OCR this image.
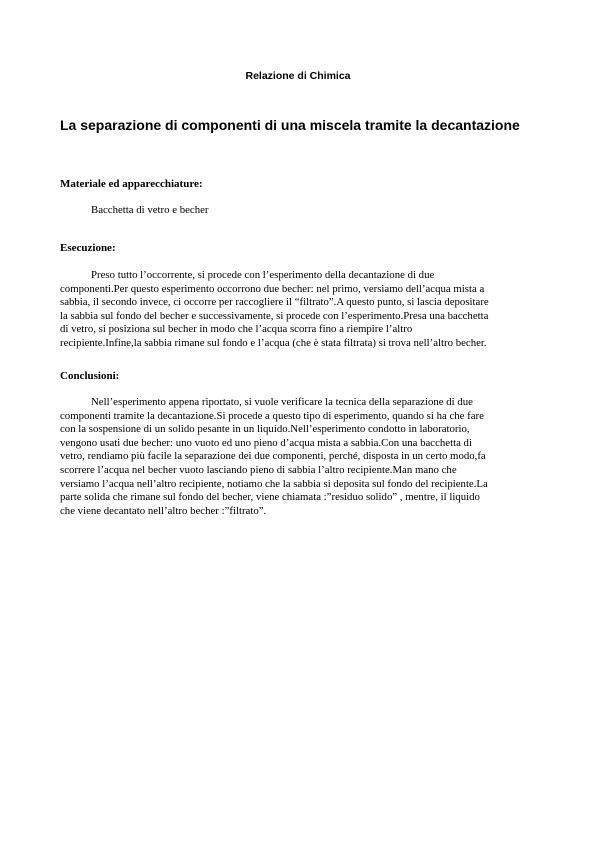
Relazione di Chimica
La separazione di componenti di una miscela tramite la decantazione
Materiale ed apparecchiature:
Bacchetta di vetro e becher
Esecuzione:
Preso tutto l’occorrente, si procede con l’esperimento della decantazione di due
componenti.Per questo esperimento occorrono due becher: nel primo, versiamo dell’acqua mista a
sabbia, il secondo invece, ci occorre per raccogliere il “filtrato”.A questo punto, si lascia depositare
la sabbia sul fondo del becher e successivamente, si procede con l’esperimento.Presa una bacchetta
di vetro, si posiziona sul becher in modo che l’acqua scorra fino a riempire l’altro
recipiente.Infine,la sabbia rimane sul fondo e l’acqua (che è stata filtrata) si trova nell’altro becher.
Conclusioni:
Nell’esperimento appena riportato, si vuole verificare la tecnica della separazione di due
componenti tramite la decantazione.Si procede a questo tipo di esperimento, quando si ha che fare
con la sospensione di un solido pesante in un liquido.Nell’esperimento condotto in laboratorio,
vengono usati due becher: uno vuoto ed uno pieno d’acqua mista a sabbia.Con una bacchetta di
vetro, rendiamo più facile la separazione dei due componenti, perché, disposta in un certo modo,fa
scorrere l’acqua nel becher vuoto lasciando pieno di sabbia l’altro recipiente.Man mano che
versiamo l’acqua nell’altro recipiente, notiamo che la sabbia si deposita sul fondo del recipiente.La
parte solida che rimane sul fondo del becher, viene chiamata :”residuo solido” , mentre, il liquido
che viene decantato nell’altro becher :”filtrato”.
